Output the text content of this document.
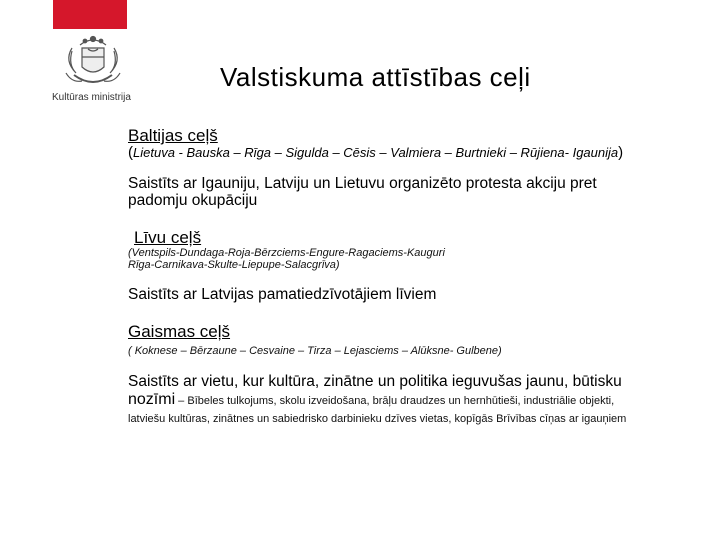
Kultūras ministrija
Valstiskuma attīstības ceļi
Baltijas ceļš
(Lietuva - Bauska – Rīga – Sigulda – Cēsis – Valmiera – Burtnieki – Rūjiena- Igaunija)
Saistīts ar Igauniju, Latviju un Lietuvu organizēto protesta akciju pret
padomju okupāciju
Līvu ceļš
(Ventspils-Dundaga-Roja-Bērzciems-Engure-Ragaciems-Kauguri
Rīga-Carnikava-Skulte-Liepupe-Salacgrīva)
Saistīts ar Latvijas pamatiedzīvotājiem līviem
Gaismas ceļš
( Koknese – Bērzaune – Cesvaine – Tirza – Lejasciems – Alūksne- Gulbene)
Saistīts ar vietu, kur kultūra, zinātne un politika ieguvušas jaunu, būtisku
nozīmi – Bībeles tulkojums, skolu izveidošana, brāļu draudzes un hernhūtieši, industriālie objekti,
latviešu kultūras, zinātnes un sabiedrisko darbinieku dzīves vietas, kopīgās Brīvības cīņas ar igauņiem
